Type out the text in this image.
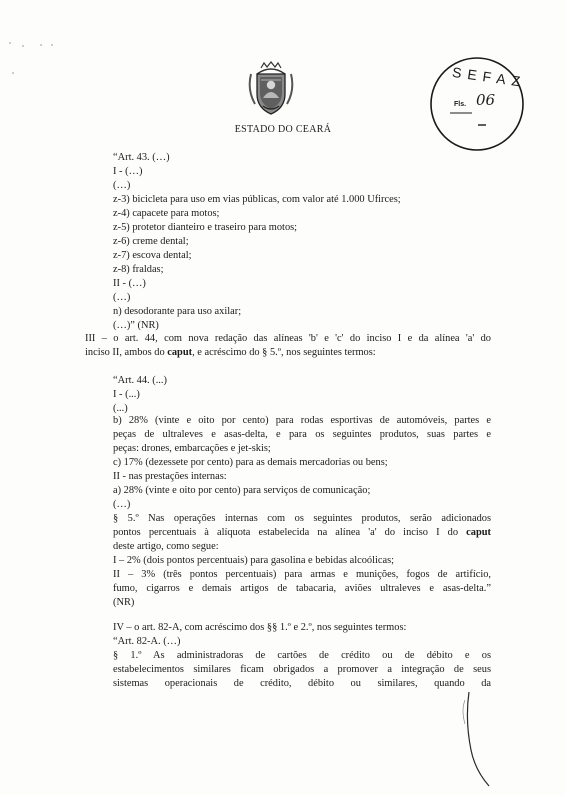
ESTADO DO CEARÁ
SEFAZ
Fls. 06
“Art. 43. (…)
I - (…)
(…)
z-3) bicicleta para uso em vias públicas, com valor até 1.000 Ufirces;
z-4) capacete para motos;
z-5) protetor dianteiro e traseiro para motos;
z-6) creme dental;
z-7) escova dental;
z-8) fraldas;
II - (…)
(…)
n) desodorante para uso axilar;
(…)” (NR)
III – o art. 44, com nova redação das alíneas 'b' e 'c' do inciso I e da alínea 'a' do
inciso II, ambos do caput, e acréscimo do § 5.º, nos seguintes termos:
“Art. 44. (...)
I - (...)
(...)
b) 28% (vinte e oito por cento) para rodas esportivas de automóveis, partes e
peças de ultraleves e asas-delta, e para os seguintes produtos, suas partes e
peças: drones, embarcações e jet-skis;
c) 17% (dezessete por cento) para as demais mercadorias ou bens;
II - nas prestações internas:
a) 28% (vinte e oito por cento) para serviços de comunicação;
(…)
§ 5.º Nas operações internas com os seguintes produtos, serão adicionados
pontos percentuais à alíquota estabelecida na alínea 'a' do inciso I do caput
deste artigo, como segue:
I – 2% (dois pontos percentuais) para gasolina e bebidas alcoólicas;
II – 3% (três pontos percentuais) para armas e munições, fogos de artifício,
fumo, cigarros e demais artigos de tabacaria, aviões ultraleves e asas-delta.”
(NR)
IV – o art. 82-A, com acréscimo dos §§ 1.º e 2.º, nos seguintes termos:
“Art. 82-A. (…)
§ 1.º As administradoras de cartões de crédito ou de débito e os
estabelecimentos similares ficam obrigados a promover a integração de seus
sistemas operacionais de crédito, débito ou similares, quando da
